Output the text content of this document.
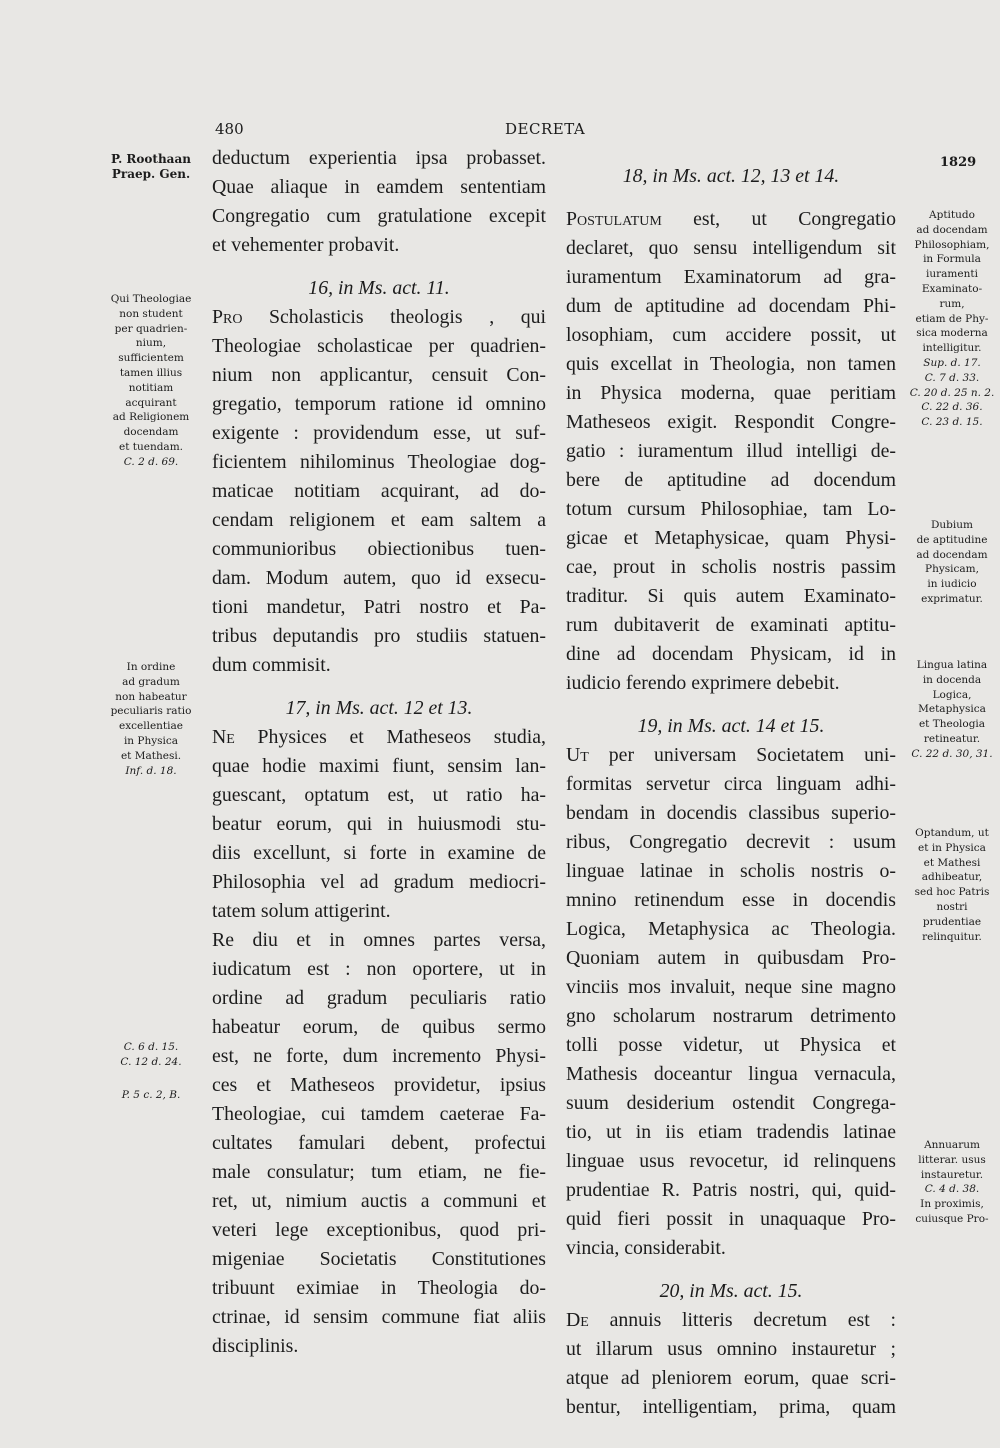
480	DECRETA
1829
P. Roothaan
Praep. Gen.
Qui Theologiae
non student
per quadrien-
nium,
sufficientem
tamen illius
notitiam
acquirant
ad Religionem
docendam
et tuendam.
C. 2 d. 69.
In ordine
ad gradum
non habeatur
peculiaris ratio
excellentiae
in Physica
et Mathesi.
Inf. d. 18.
C. 6 d. 15.
C. 12 d. 24.
P. 5 c. 2, B.
Aptitudo
ad docendam
Philosophiam,
in Formula
iuramenti
Examinato-
rum,
etiam de Phy-
sica moderna
intelligitur.
Sup. d. 17.
C. 7 d. 33.
C. 20 d. 25 n. 2.
C. 22 d. 36.
C. 23 d. 15.
Dubium
de aptitudine
ad docendam
Physicam,
in iudicio
exprimatur.
Lingua latina
in docenda
Logica,
Metaphysica
et Theologia
retineatur.
C. 22 d. 30, 31.
Optandum, ut
et in Physica
et Mathesi
adhibeatur,
sed hoc Patris
nostri
prudentiae
relinquitur.
Annuarum
litterar. usus
instauretur.
C. 4 d. 38.
In proximis,
cuiusque Pro-
deductum experientia ipsa probasset.
Quae aliaque in eamdem sententiam
Congregatio cum gratulatione excepit
et vehementer probavit.
16, in Ms. act. 11.
Pro Scholasticis theologis , qui
Theologiae scholasticae per quadrien-
nium non applicantur, censuit Con-
gregatio, temporum ratione id omnino
exigente : providendum esse, ut suf-
ficientem nihilominus Theologiae dog-
maticae notitiam acquirant, ad do-
cendam religionem et eam saltem a
communioribus obiectionibus tuen-
dam. Modum autem, quo id exsecu-
tioni mandetur, Patri nostro et Pa-
tribus deputandis pro studiis statuen-
dum commisit.
17, in Ms. act. 12 et 13.
Ne Physices et Matheseos studia,
quae hodie maximi fiunt, sensim lan-
guescant, optatum est, ut ratio ha-
beatur eorum, qui in huiusmodi stu-
diis excellunt, si forte in examine de
Philosophia vel ad gradum mediocri-
tatem solum attigerint.
Re diu et in omnes partes versa,
iudicatum est : non oportere, ut in
ordine ad gradum peculiaris ratio
habeatur eorum, de quibus sermo
est, ne forte, dum incremento Physi-
ces et Matheseos providetur, ipsius
Theologiae, cui tamdem caeterae Fa-
cultates famulari debent, profectui
male consulatur; tum etiam, ne fie-
ret, ut, nimium auctis a communi et
veteri lege exceptionibus, quod pri-
migeniae Societatis Constitutiones
tribuunt eximiae in Theologia do-
ctrinae, id sensim commune fiat aliis
disciplinis.
18, in Ms. act. 12, 13 et 14.
Postulatum est, ut Congregatio
declaret, quo sensu intelligendum sit
iuramentum Examinatorum ad gra-
dum de aptitudine ad docendam Phi-
losophiam, cum accidere possit, ut
quis excellat in Theologia, non tamen
in Physica moderna, quae peritiam
Matheseos exigit. Respondit Congre-
gatio : iuramentum illud intelligi de-
bere de aptitudine ad docendum
totum cursum Philosophiae, tam Lo-
gicae et Metaphysicae, quam Physi-
cae, prout in scholis nostris passim
traditur. Si quis autem Examinato-
rum dubitaverit de examinati aptitu-
dine ad docendam Physicam, id in
iudicio ferendo exprimere debebit.
19, in Ms. act. 14 et 15.
Ut per universam Societatem uni-
formitas servetur circa linguam adhi-
bendam in docendis classibus superio-
ribus, Congregatio decrevit : usum
linguae latinae in scholis nostris o-
mnino retinendum esse in docendis
Logica, Metaphysica ac Theologia.
Quoniam autem in quibusdam Pro-
vinciis mos invaluit, neque sine magno
gno scholarum nostrarum detrimento
tolli posse videtur, ut Physica et
Mathesis doceantur lingua vernacula,
suum desiderium ostendit Congrega-
tio, ut in iis etiam tradendis latinae
linguae usus revocetur, id relinquens
prudentiae R. Patris nostri, qui, quid-
quid fieri possit in unaquaque Pro-
vincia, considerabit.
20, in Ms. act. 15.
De annuis litteris decretum est :
ut illarum usus omnino instauretur ;
atque ad pleniorem eorum, quae scri-
bentur, intelligentiam, prima, quam
